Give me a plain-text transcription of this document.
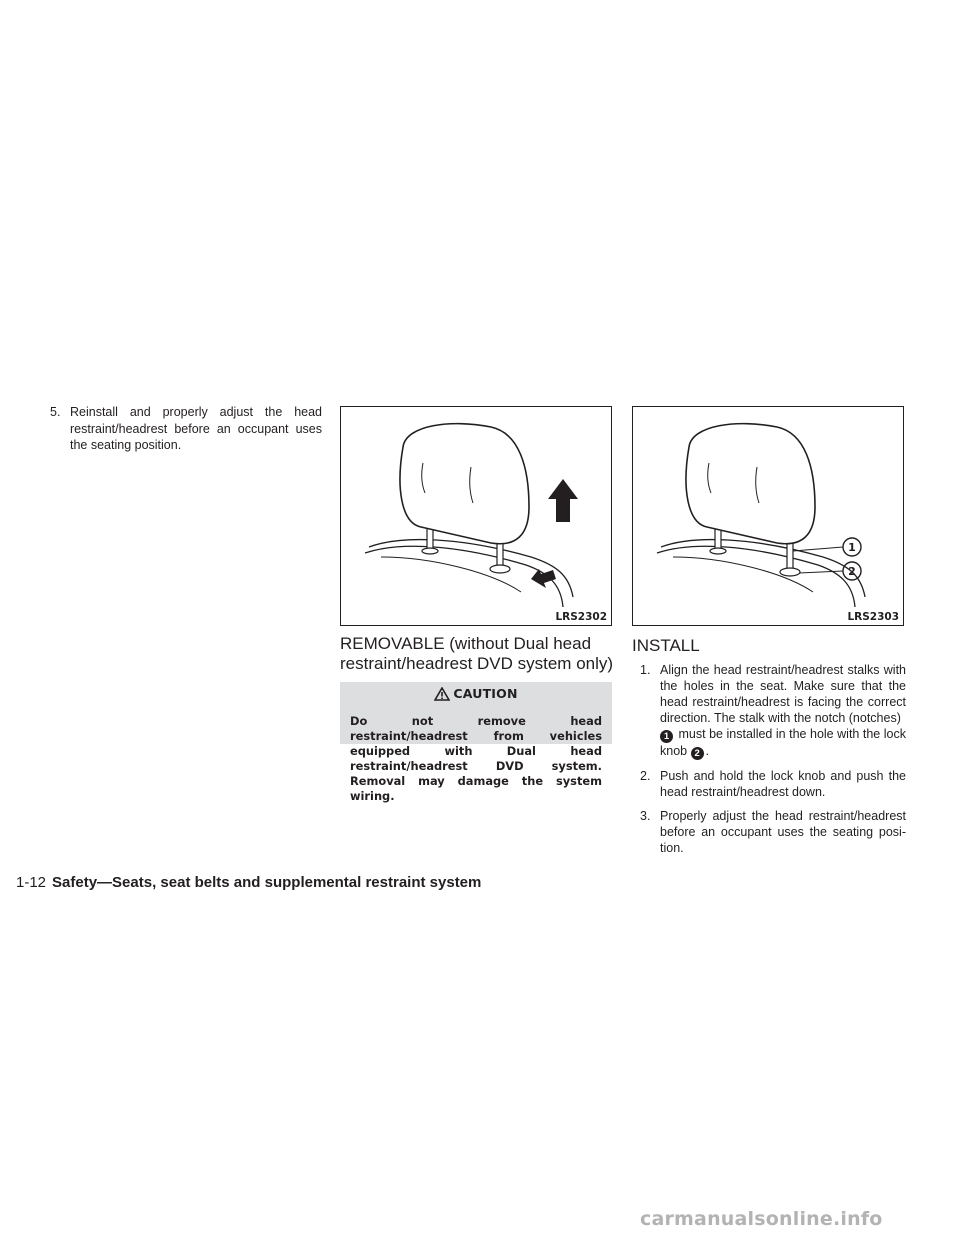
5. Reinstall and properly adjust the head restraint/headrest before an occupant uses the seating position.
LRS2302
1
2
LRS2303
REMOVABLE (without Dual head restraint/headrest DVD system only)
CAUTION
Do not remove head restraint/headrest from vehicles equipped with Dual head restraint/headrest DVD system. Removal may damage the system wiring.
INSTALL
1. Align the head restraint/headrest stalks with the holes in the seat. Make sure that the head restraint/headrest is facing the correct direction. The stalk with the notch (notches)
1 must be installed in the hole with the lock knob 2 .
2. Push and hold the lock knob and push the head restraint/headrest down.
3. Properly adjust the head restraint/headrest before an occupant uses the seating posi-tion.
1-12 Safety—Seats, seat belts and supplemental restraint system
carmanualsonline.info
